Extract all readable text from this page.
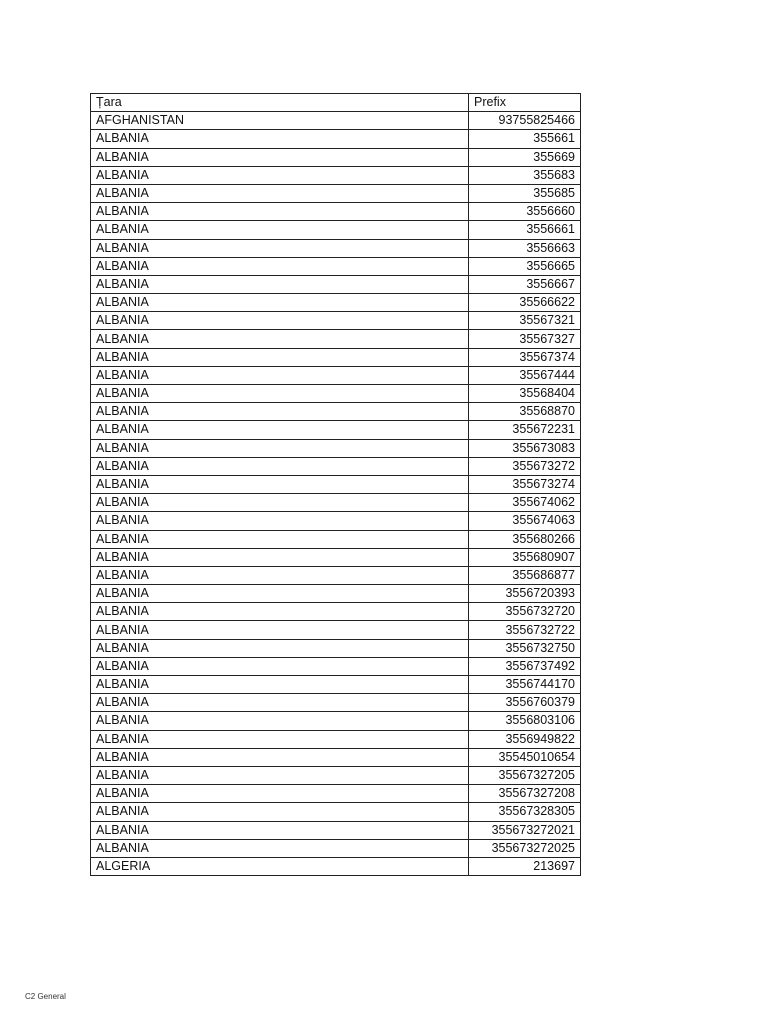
Țara	Prefix
AFGHANISTAN	93755825466
ALBANIA	355661
ALBANIA	355669
ALBANIA	355683
ALBANIA	355685
ALBANIA	3556660
ALBANIA	3556661
ALBANIA	3556663
ALBANIA	3556665
ALBANIA	3556667
ALBANIA	35566622
ALBANIA	35567321
ALBANIA	35567327
ALBANIA	35567374
ALBANIA	35567444
ALBANIA	35568404
ALBANIA	35568870
ALBANIA	355672231
ALBANIA	355673083
ALBANIA	355673272
ALBANIA	355673274
ALBANIA	355674062
ALBANIA	355674063
ALBANIA	355680266
ALBANIA	355680907
ALBANIA	355686877
ALBANIA	3556720393
ALBANIA	3556732720
ALBANIA	3556732722
ALBANIA	3556732750
ALBANIA	3556737492
ALBANIA	3556744170
ALBANIA	3556760379
ALBANIA	3556803106
ALBANIA	3556949822
ALBANIA	35545010654
ALBANIA	35567327205
ALBANIA	35567327208
ALBANIA	35567328305
ALBANIA	355673272021
ALBANIA	355673272025
ALGERIA	213697
C2 General
